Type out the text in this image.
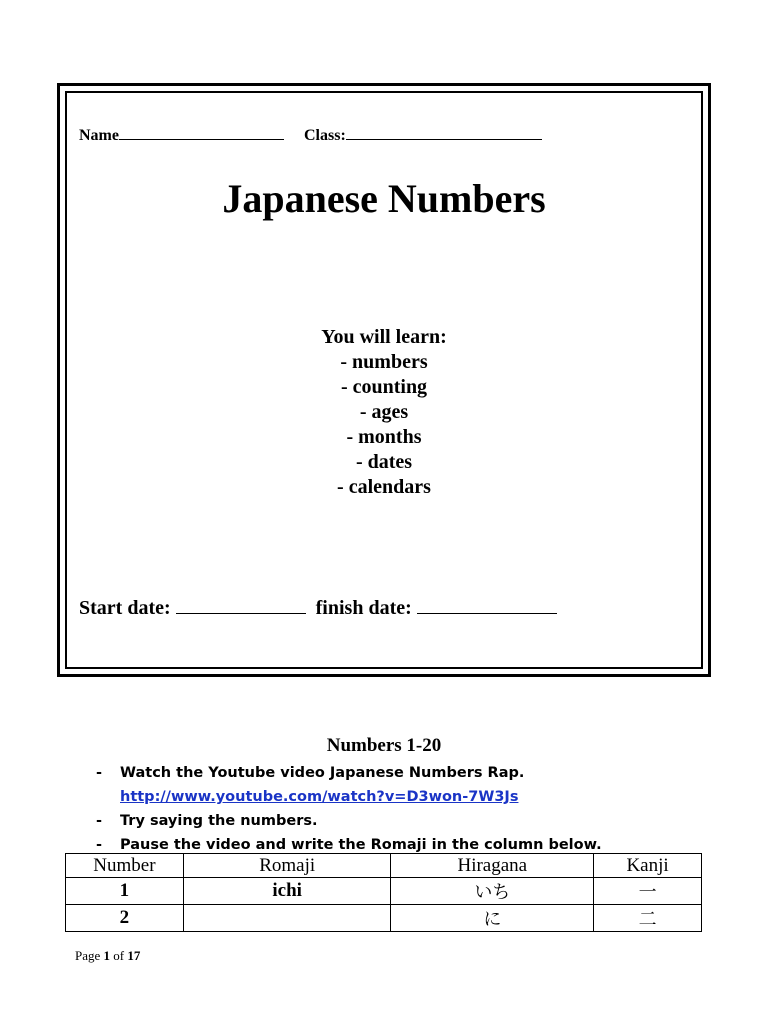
Name	Class:
Japanese Numbers
You will learn:
- numbers
- counting
- ages
- months
- dates
- calendars
Start date:	finish date:
Numbers 1-20
-	Watch the Youtube video Japanese Numbers Rap.
http://www.youtube.com/watch?v=D3won-7W3Js
-	Try saying the numbers.
-	Pause the video and write the Romaji in the column below.
Number	Romaji	Hiragana	Kanji
1	ichi	いち	一
2		に	二
Page 1 of 17
